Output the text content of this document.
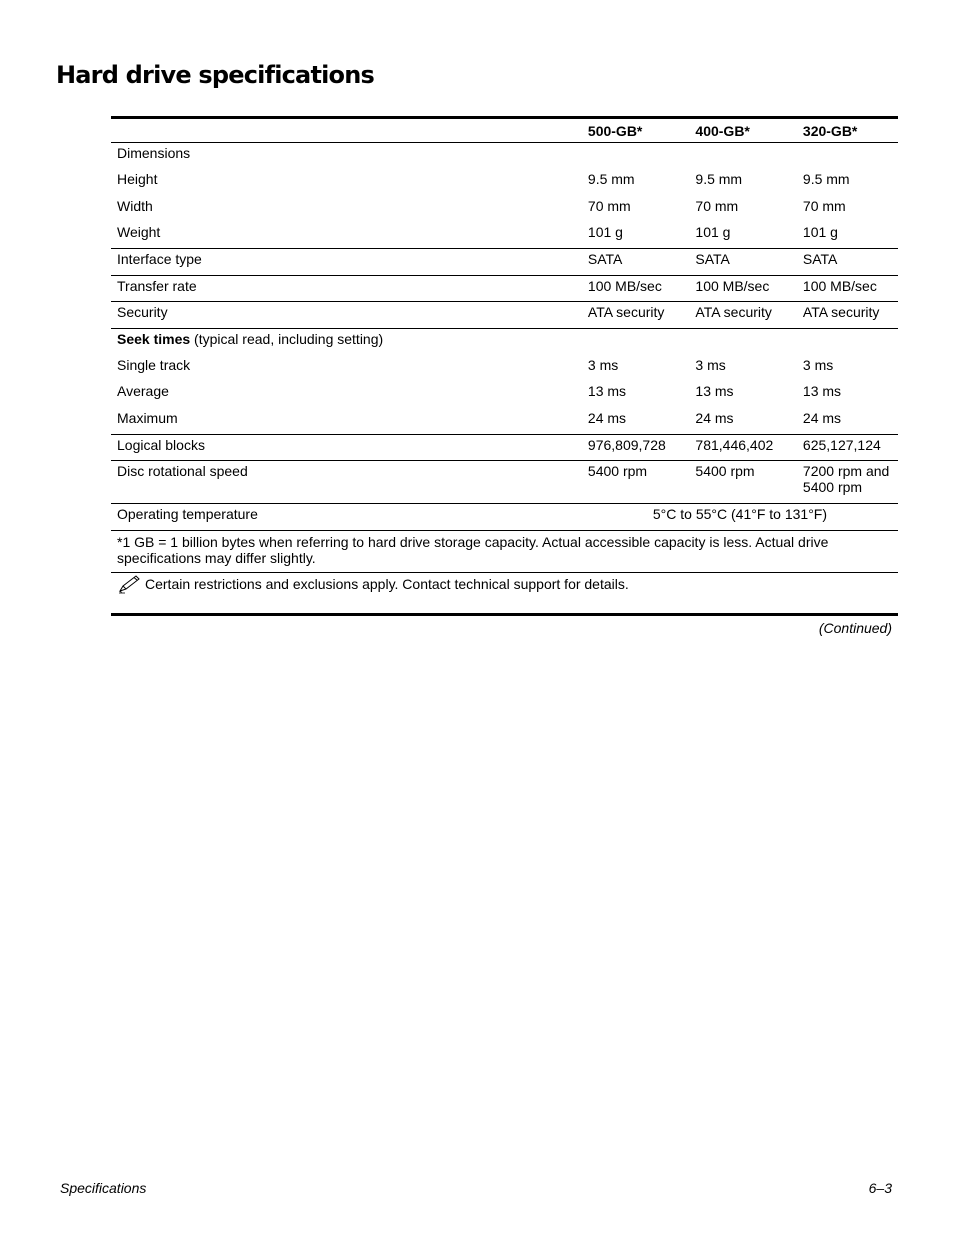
Hard drive specifications
	500-GB*	400-GB*	320-GB*
Dimensions			
Height	9.5 mm	9.5 mm	9.5 mm
Width	70 mm	70 mm	70 mm
Weight	101 g	101 g	101 g
Interface type	SATA	SATA	SATA
Transfer rate	100 MB/sec	100 MB/sec	100 MB/sec
Security	ATA security	ATA security	ATA security
Seek times (typical read, including setting)			
Single track	3 ms	3 ms	3 ms
Average	13 ms	13 ms	13 ms
Maximum	24 ms	24 ms	24 ms
Logical blocks	976,809,728	781,446,402	625,127,124
Disc rotational speed	5400 rpm	5400 rpm	7200 rpm and 5400 rpm
Operating temperature	5°C to 55°C (41°F to 131°F)		
*1 GB = 1 billion bytes when referring to hard drive storage capacity. Actual accessible capacity is less. Actual drive specifications may differ slightly.			

Certain restrictions and exclusions apply. Contact technical support for details.			
(Continued)
Specifications	6–3
